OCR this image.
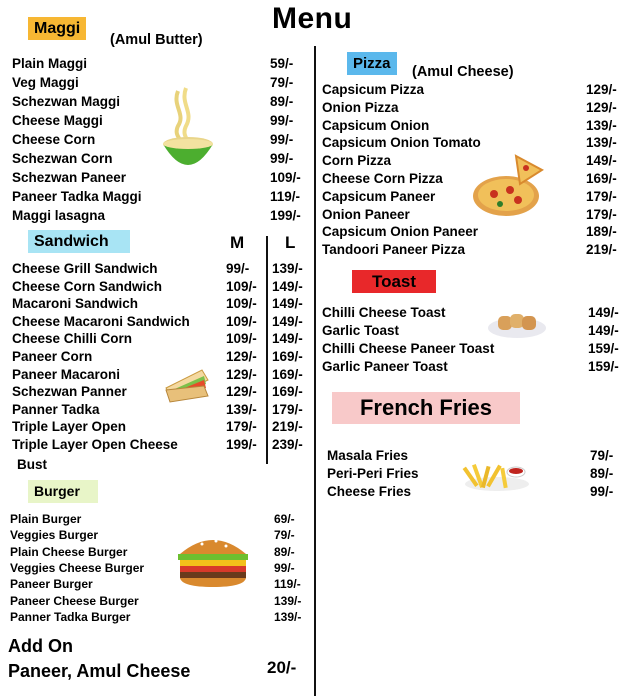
Menu
Maggi
(Amul Butter)
Plain Maggi	59/-
Veg Maggi	79/-
Schezwan Maggi	89/-
Cheese Maggi	99/-
Cheese Corn	99/-
Schezwan Corn	99/-
Schezwan Paneer	109/-
Paneer Tadka Maggi	119/-
Maggi lasagna	199/-
Sandwich	M L
Cheese Grill Sandwich	99/- 139/-
Cheese Corn Sandwich	109/- 149/-
Macaroni Sandwich	109/- 149/-
Cheese Macaroni Sandwich	109/- 149/-
Cheese Chilli Corn	109/- 149/-
Paneer Corn	129/- 169/-
Paneer Macaroni	129/- 169/-
Schezwan Panner	129/- 169/-
Panner Tadka	139/- 179/-
Triple Layer Open	179/- 219/-
Triple Layer Open Cheese	199/- 239/-
Bust
Burger
Plain Burger	69/-
Veggies Burger	79/-
Plain Cheese Burger	89/-
Veggies Cheese Burger	99/-
Paneer Burger	119/-
Paneer Cheese Burger	139/-
Panner Tadka Burger	139/-
Add On
Paneer, Amul Cheese	20/-
Pizza	(Amul Cheese)
Capsicum Pizza	129/-
Onion Pizza	129/-
Capsicum Onion	139/-
Capsicum Onion Tomato	139/-
Corn Pizza	149/-
Cheese Corn Pizza	169/-
Capsicum Paneer	179/-
Onion Paneer	179/-
Capsicum Onion Paneer	189/-
Tandoori Paneer Pizza	219/-
Toast
Chilli Cheese Toast	149/-
Garlic Toast	149/-
Chilli Cheese Paneer Toast	159/-
Garlic Paneer Toast	159/-
French Fries
Masala Fries	79/-
Peri-Peri Fries	89/-
Cheese Fries	99/-
